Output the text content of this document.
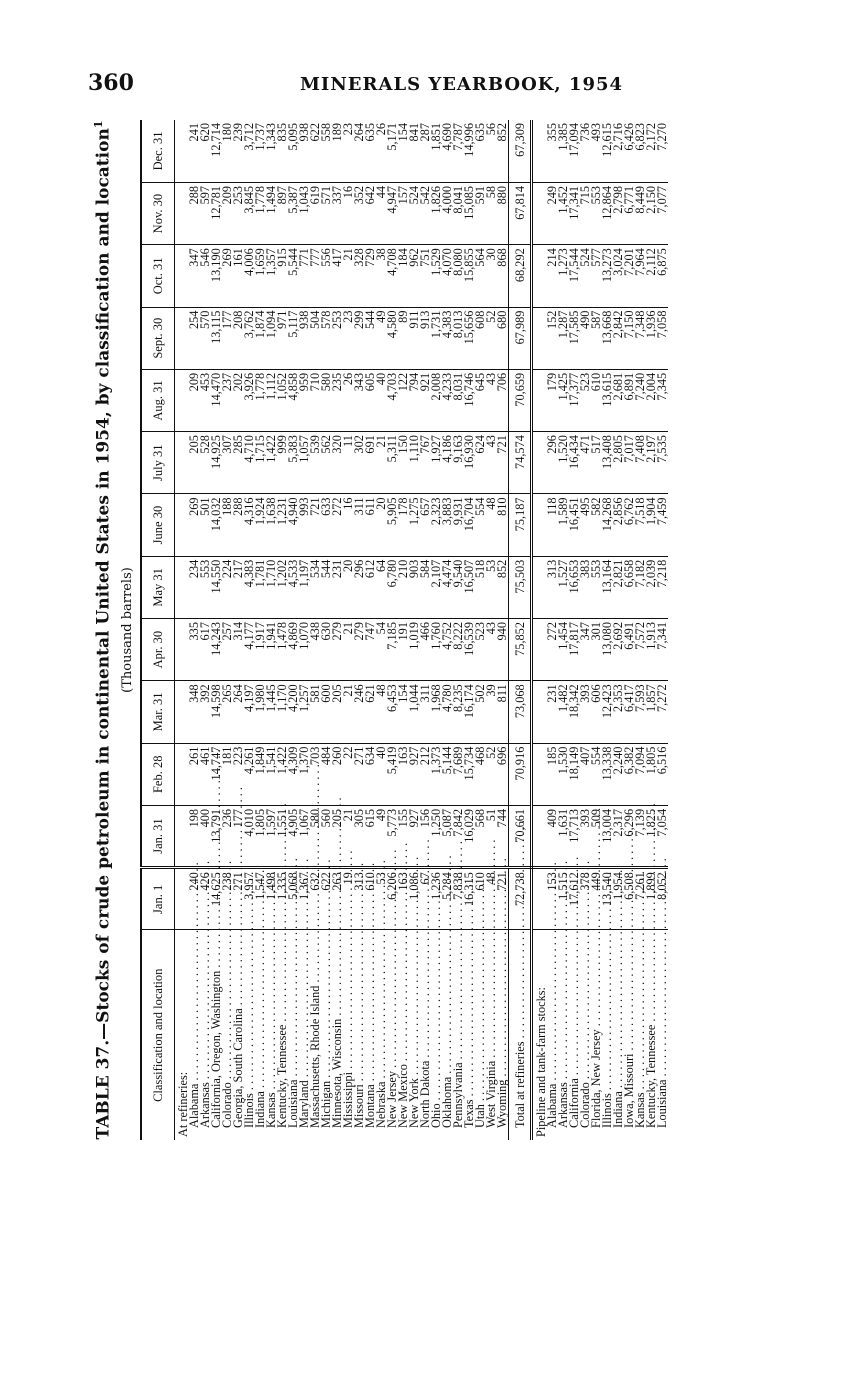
360	MINERALS YEARBOOK, 1954
TABLE 37.—Stocks of crude petroleum in continental United States in 1954, by classification and location$^1$
(Thousand barrels)
Classification and location	Jan. 1	Jan. 31	Feb. 28	Mar. 31	Apr. 30	May 31	June 30	July 31	Aug. 31	Sept. 30	Oct. 31	Nov. 30	Dec. 31
At refineries:													
Alabama . . .	240	198	261	348	335	234	269	205	209	254	347	288	241
Arkansas . . .	426	400	461	392	617	553	501	528	453	570	546	597	620
California, Oregon, Washington . . .	14,625	13,791	14,747	14,598	14,243	14,550	14,032	14,925	14,470	13,115	13,190	12,781	12,714
Colorado . . .	238	236	181	265	257	224	188	307	237	177	269	209	180
Georgia, South Carolina . . .	271	177	223	264	314	217	288	285	202	208	161	253	239
Illinois . . .	3,957	4,010	4,261	4,197	4,177	4,383	4,316	4,710	3,926	3,762	4,006	3,845	3,712
Indiana . . .	1,547	1,805	1,849	1,980	1,917	1,781	1,924	1,715	1,778	1,874	1,659	1,778	1,737
Kansas . . .	1,498	1,597	1,541	1,445	1,941	1,710	1,638	1,422	1,112	1,094	1,357	1,494	1,343
Kentucky, Tennessee . . .	1,335	1,551	1,422	1,170	1,478	1,202	1,231	999	1,052	971	915	897	835
Louisiana . . .	5,068	4,905	4,309	4,200	4,869	4,533	4,940	5,383	4,858	5,117	5,544	5,387	5,095
Maryland . . .	1,367	1,067	1,370	1,257	1,070	1,197	993	1,057	959	938	771	1,043	938
Massachusetts, Rhode Island . . .	632	580	703	581	438	534	721	539	710	504	777	619	622
Michigan . . .	622	560	484	600	630	544	633	562	580	578	556	571	558
Minnesota, Wisconsin . . .	263	205	260	205	279	231	272	320	235	253	417	337	189
Mississippi . . .	19	21	22	21	21	20	16	11	26	23	21	16	23
Missouri . . .	313	305	271	246	279	296	311	302	343	299	328	352	264
Montana . . .	610	615	634	621	747	612	611	691	605	544	729	642	635
Nebraska . . .	53	49	40	48	54	64	20	21	40	49	38	44	26
New Jersey . . .	6,206	5,773	5,419	6,453	7,185	6,780	5,905	5,311	4,703	4,580	4,708	4,947	5,171
New Mexico . . .	163	155	163	154	191	210	178	150	122	89	184	157	154
New York . . .	1,086	927	927	1,044	1,019	903	1,275	1,110	794	911	962	524	841
North Dakota . . .	67	156	212	311	466	584	657	767	921	913	751	542	287
Ohio . . .	1,236	1,250	1,373	1,968	1,760	2,107	2,323	1,927	2,008	1,731	1,529	1,826	1,851
Oklahoma . . .	5,284	5,087	5,144	4,780	4,752	4,474	3,883	4,186	4,233	4,383	4,070	4,000	4,690
Pennsylvania . . .	7,838	7,842	7,689	8,235	8,222	9,540	9,931	9,163	8,031	8,013	8,080	8,041	7,787
Texas . . .	16,315	16,029	15,734	16,174	16,539	16,507	16,704	16,930	16,746	15,656	15,855	15,085	14,996
Utah . . .	610	568	468	502	523	518	554	624	645	608	564	591	635
West Virginia . . .	48	51	52	39	43	53	48	43	43	52	30	58	56
Wyoming . . .	721	744	696	811	940	852	810	721	706	680	868	880	852
Total at refineries . . .	72,738	70,661	70,916	73,068	75,852	75,503	75,187	74,574	70,659	67,989	68,292	67,814	67,309
Pipeline and tank-farm stocks:													
Alabama . . .	153	409	185	231	272	313	118	296	179	152	214	249	355
Arkansas . . .	1,515	1,631	1,530	1,482	1,454	1,527	1,589	1,520	1,425	1,287	1,273	1,452	1,385
California . . .	17,612	17,713	18,149	18,342	17,817	16,653	16,451	16,434	17,377	17,585	17,544	17,341	17,094
Colorado . . .	378	393	407	393	347	383	495	471	523	490	524	715	736
Florida, New Jersey . . .	449	509	554	606	301	553	582	517	610	587	577	553	493
Illinois . . .	13,540	13,004	13,338	12,423	13,080	13,164	14,268	13,408	13,615	13,668	13,273	12,864	12,615
Indiana . . .	1,954	2,317	2,240	2,353	2,692	2,821	2,856	2,805	2,681	2,842	3,024	2,798	2,716
Iowa, Missouri . . .	6,508	6,296	6,382	6,417	6,491	6,658	6,762	7,017	6,891	7,150	7,201	6,771	6,426
Kansas . . .	7,261	7,139	7,094	7,593	7,572	7,182	7,518	7,408	7,240	7,348	7,964	8,449	6,823
Kentucky, Tennessee . . .	1,899	1,825	1,805	1,857	1,913	2,039	1,904	2,197	2,004	1,936	2,112	2,150	2,172
Louisiana . . .	8,052	7,054	6,516	7,272	7,341	7,218	7,459	7,535	7,345	7,058	6,875	7,077	7,270
